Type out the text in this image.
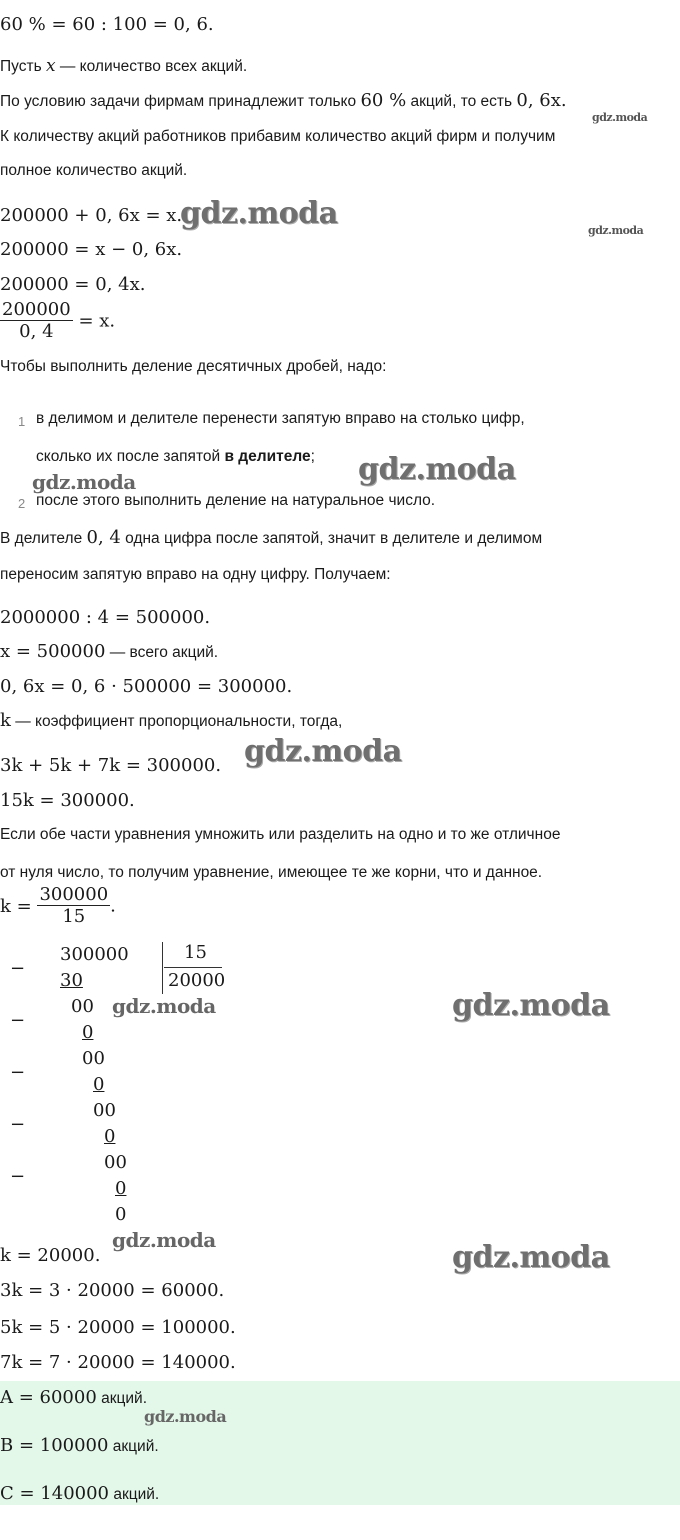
60 % = 60 : 100 = 0, 6.
Пусть x — количество всех акций.
По условию задачи фирмам принадлежит только 60 % акций, то есть 0, 6x.
К количеству акций работников прибавим количество акций фирм и получим
полное количество акций.
200000 + 0, 6x = x.
200000 = x − 0, 6x.
200000 = 0, 4x.
$\frac{200000}{0, 4} = x$.
Чтобы выполнить деление десятичных дробей, надо:
1 в делимом и делителе перенести запятую вправо на столько цифр,
сколько их после запятой в делителе;
2 после этого выполнить деление на натуральное число.
В делителе 0, 4 одна цифра после запятой, значит в делителе и делимом
переносим запятую вправо на одну цифру. Получаем:
2000000 : 4 = 500000.
x = 500000 — всего акций.
0, 6x = 0, 6 · 500000 = 300000.
k — коэффициент пропорциональности, тогда,
3k + 5k + 7k = 300000.
15k = 300000.
Если обе части уравнения умножить или разделить на одно и то же отличное
от нуля число, то получим уравнение, имеющее те же корни, что и данное.
$k = \frac{300000}{15}$ .
−
300000	15
20000
30
−
00
0
−
00
0
−
00
0
−
00
0
0
k = 20000.
3k = 3 · 20000 = 60000.
5k = 5 · 20000 = 100000.
7k = 7 · 20000 = 140000.
A = 60000 акций.
B = 100000 акций.
C = 140000 акций.
gdz.moda
gdz.moda	gdz.moda
gdz.moda
gdz.moda
gdz.moda
gdz.moda	gdz.moda
gdz.moda	gdz.moda
gdz.moda
